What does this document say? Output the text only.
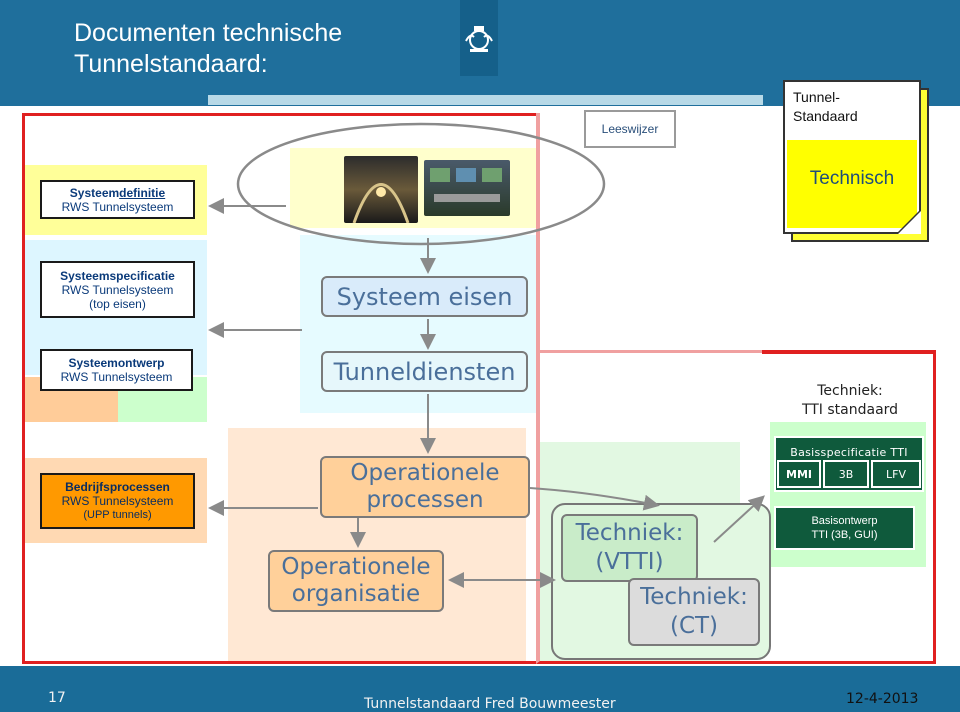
Documenten technische
Tunnelstandaard:
Leeswijzer
Tunnel-
Standaard
Technisch
Systeemdefinitie
RWS Tunnelsysteem
Systeemspecificatie
RWS Tunnelsysteem
(top eisen)
Systeemontwerp
RWS Tunnelsysteem
Bedrijfsprocessen
RWS Tunnelsysteem
(UPP tunnels)
Systeem eisen
Tunneldiensten
Operationele
processen
Operationele
organisatie
Techniek:
(VTTI)
Techniek:
(CT)
Techniek:
TTI standaard
Basisspecificatie TTI
MMI 3B	LFV
Basisontwerp
TTI (3B, GUI)
17	Tunnelstandaard Fred Bouwmeester	12-4-2013
